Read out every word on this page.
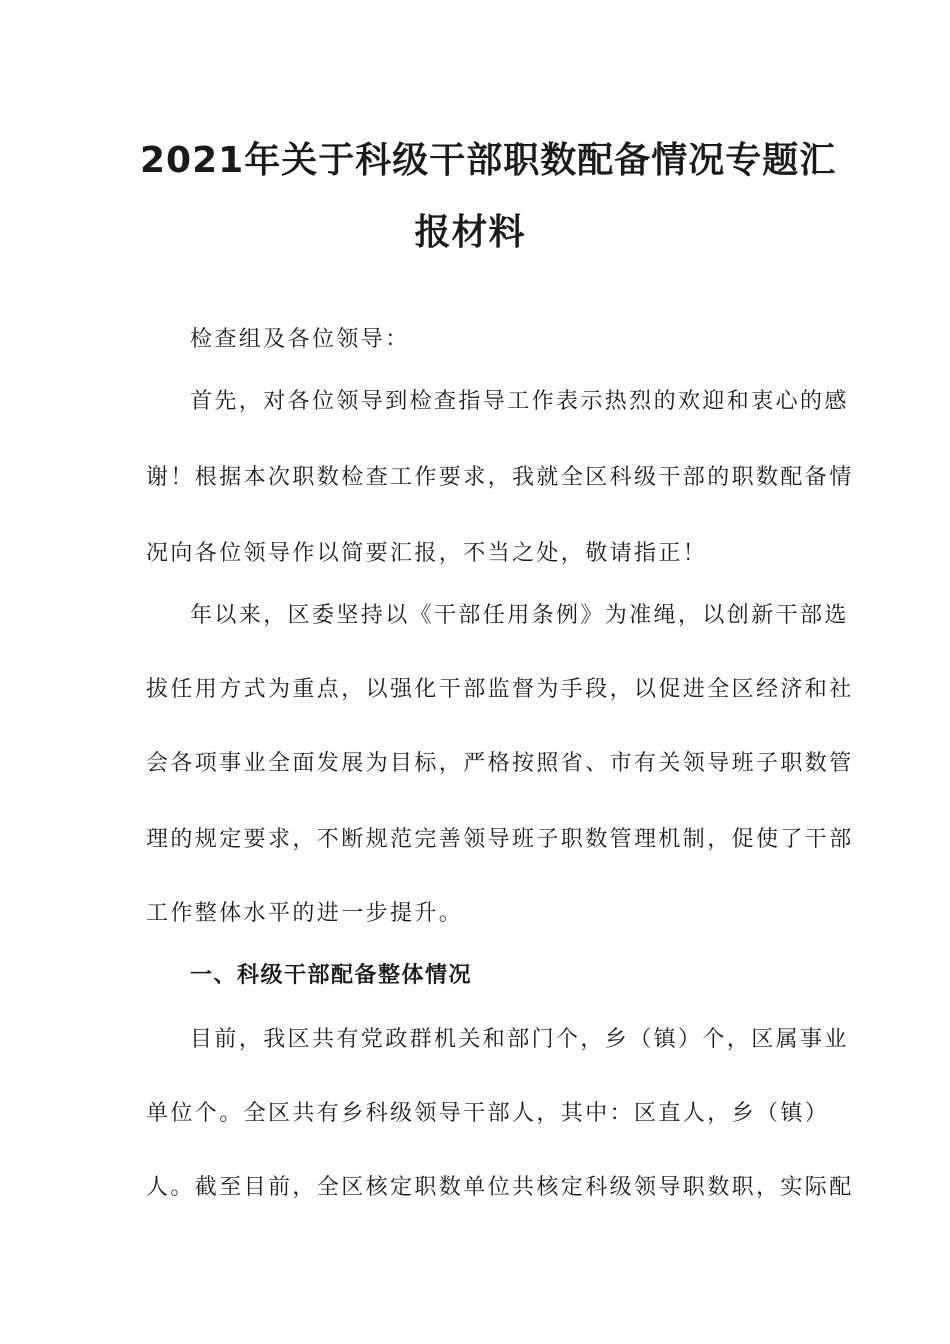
2021年关于科级干部职数配备情况专题汇
报材料
检查组及各位领导：
首先，对各位领导到检查指导工作表示热烈的欢迎和衷心的感
谢！根据本次职数检查工作要求，我就全区科级干部的职数配备情
况向各位领导作以简要汇报，不当之处，敬请指正！
年以来，区委坚持以《干部任用条例》为准绳，以创新干部选
拔任用方式为重点，以强化干部监督为手段，以促进全区经济和社
会各项事业全面发展为目标，严格按照省、市有关领导班子职数管
理的规定要求，不断规范完善领导班子职数管理机制，促使了干部
工作整体水平的进一步提升。
一、科级干部配备整体情况
目前，我区共有党政群机关和部门个，乡（镇）个，区属事业
单位个。全区共有乡科级领导干部人，其中：区直人，乡（镇）
人。截至目前，全区核定职数单位共核定科级领导职数职，实际配
